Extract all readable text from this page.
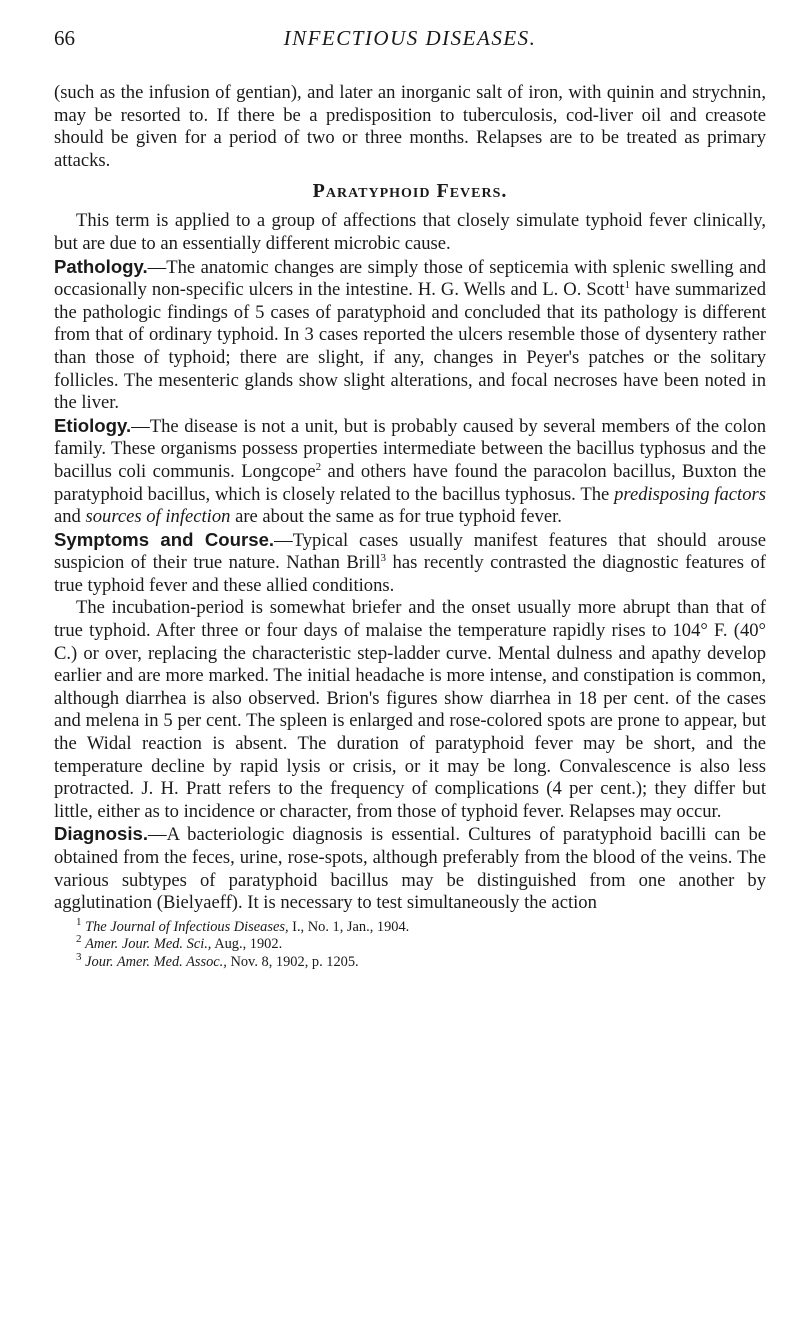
66	INFECTIOUS DISEASES.

(such as the infusion of gentian), and later an inorganic salt of iron, with quinin and strychnin, may be resorted to. If there be a predisposition to tuberculosis, cod-liver oil and creasote should be given for a period of two or three months. Relapses are to be treated as primary attacks.

Paratyphoid Fevers.

This term is applied to a group of affections that closely simulate typhoid fever clinically, but are due to an essentially different microbic cause.

Pathology.—The anatomic changes are simply those of septicemia with splenic swelling and occasionally non-specific ulcers in the intestine. H. G. Wells and L. O. Scott$^1$ have summarized the pathologic findings of 5 cases of paratyphoid and concluded that its pathology is different from that of ordinary typhoid. In 3 cases reported the ulcers resemble those of dysentery rather than those of typhoid; there are slight, if any, changes in Peyer's patches or the solitary follicles. The mesenteric glands show slight alterations, and focal necroses have been noted in the liver.

Etiology.—The disease is not a unit, but is probably caused by several members of the colon family. These organisms possess properties intermediate between the bacillus typhosus and the bacillus coli communis. Longcope$^2$ and others have found the paracolon bacillus, Buxton the paratyphoid bacillus, which is closely related to the bacillus typhosus. The predisposing factors and sources of infection are about the same as for true typhoid fever.

Symptoms and Course.—Typical cases usually manifest features that should arouse suspicion of their true nature. Nathan Brill$^3$ has recently contrasted the diagnostic features of true typhoid fever and these allied conditions.

The incubation-period is somewhat briefer and the onset usually more abrupt than that of true typhoid. After three or four days of malaise the temperature rapidly rises to 104° F. (40° C.) or over, replacing the characteristic step-ladder curve. Mental dulness and apathy develop earlier and are more marked. The initial headache is more intense, and constipation is common, although diarrhea is also observed. Brion's figures show diarrhea in 18 per cent. of the cases and melena in 5 per cent. The spleen is enlarged and rose-colored spots are prone to appear, but the Widal reaction is absent. The duration of paratyphoid fever may be short, and the temperature decline by rapid lysis or crisis, or it may be long. Convalescence is also less protracted. J. H. Pratt refers to the frequency of complications (4 per cent.); they differ but little, either as to incidence or character, from those of typhoid fever. Relapses may occur.

Diagnosis.—A bacteriologic diagnosis is essential. Cultures of paratyphoid bacilli can be obtained from the feces, urine, rose-spots, although preferably from the blood of the veins. The various subtypes of paratyphoid bacillus may be distinguished from one another by agglutination (Bielyaeff). It is necessary to test simultaneously the action

$^1$ The Journal of Infectious Diseases, I., No. 1, Jan., 1904.

$^2$ Amer. Jour. Med. Sci., Aug., 1902.

$^3$ Jour. Amer. Med. Assoc., Nov. 8, 1902, p. 1205.
